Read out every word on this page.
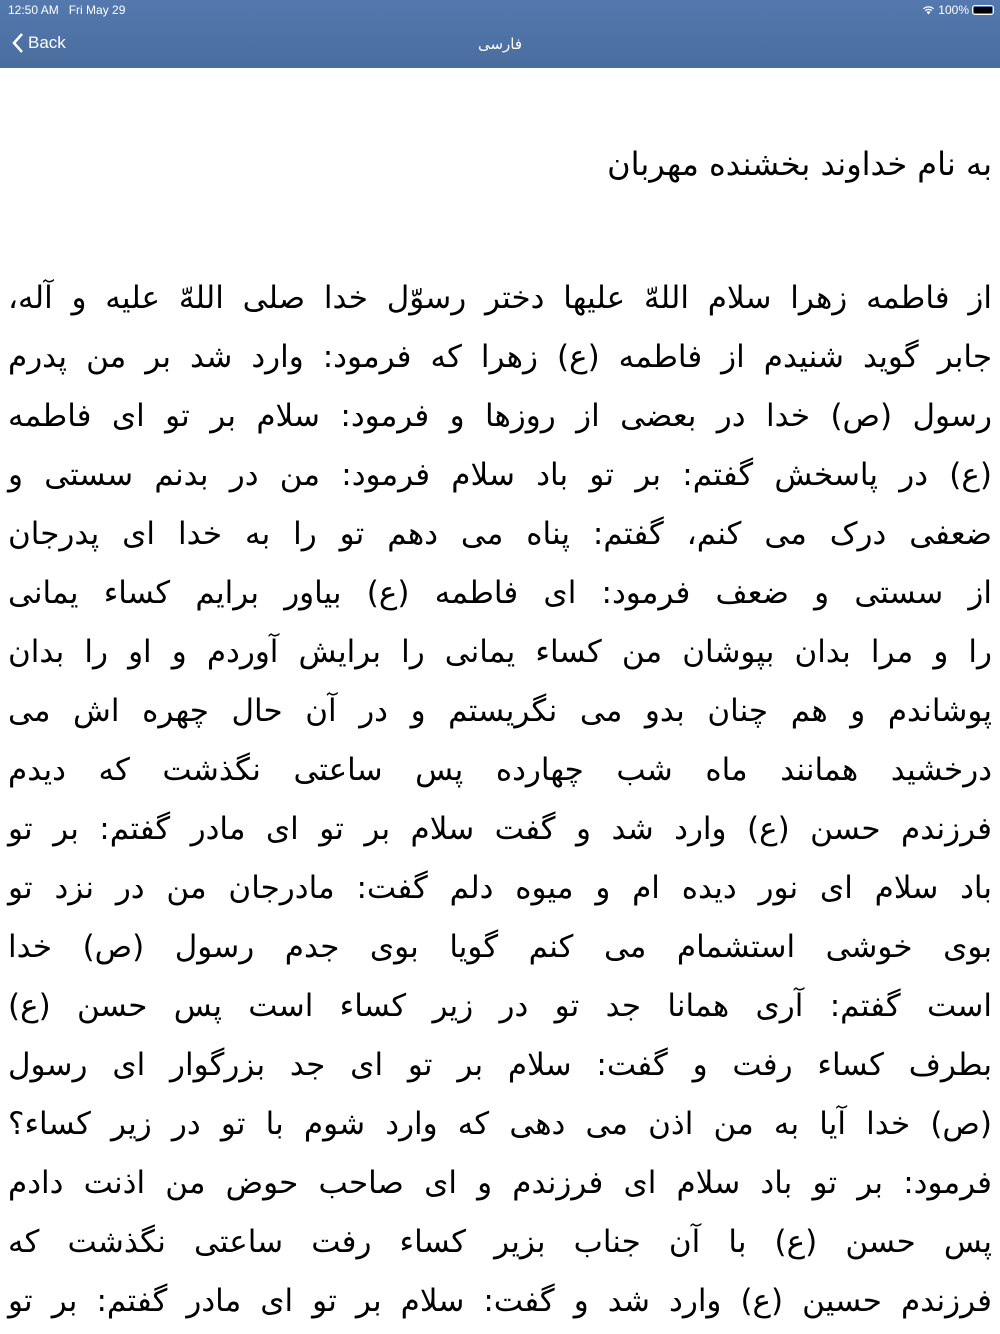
12:50 AM Fri May 29	100%
Back	فارسی
به نام خداوند بخشنده مهربان
از فاطمه زهرا سلام اللهّ علیها دختر رسوّل خدا صلی اللهّ علیه و آله،
جابر گوید شنیدم از فاطمه (ع) زهرا که فرمود: وارد شد بر من پدرم
رسول (ص) خدا در بعضی از روزها و فرمود: سلام بر تو ای فاطمه
(ع) در پاسخش گفتم: بر تو باد سلام فرمود: من در بدنم سستی و
ضعفی درک می کنم، گفتم: پناه می دهم تو را به خدا ای پدرجان
از سستی و ضعف فرمود: ای فاطمه (ع) بیاور برایم کساء یمانی
را و مرا بدان بپوشان من کساء یمانی را برایش آوردم و او را بدان
پوشاندم و هم چنان بدو می نگریستم و در آن حال چهره اش می
درخشید همانند ماه شب چهارده پس ساعتی نگذشت که دیدم
فرزندم حسن (ع) وارد شد و گفت سلام بر تو ای مادر گفتم: بر تو
باد سلام ای نور دیده ام و میوه دلم گفت: مادرجان من در نزد تو
بوی خوشی استشمام می کنم گویا بوی جدم رسول (ص) خدا
است گفتم: آری همانا جد تو در زیر کساء است پس حسن (ع)
بطرف کساء رفت و گفت: سلام بر تو ای جد بزرگوار ای رسول
(ص) خدا آیا به من اذن می دهی که وارد شوم با تو در زیر کساء؟
فرمود: بر تو باد سلام ای فرزندم و ای صاحب حوض من اذنت دادم
پس حسن (ع) با آن جناب بزیر کساء رفت ساعتی نگذشت که
فرزندم حسین (ع) وارد شد و گفت: سلام بر تو ای مادر گفتم: بر تو
